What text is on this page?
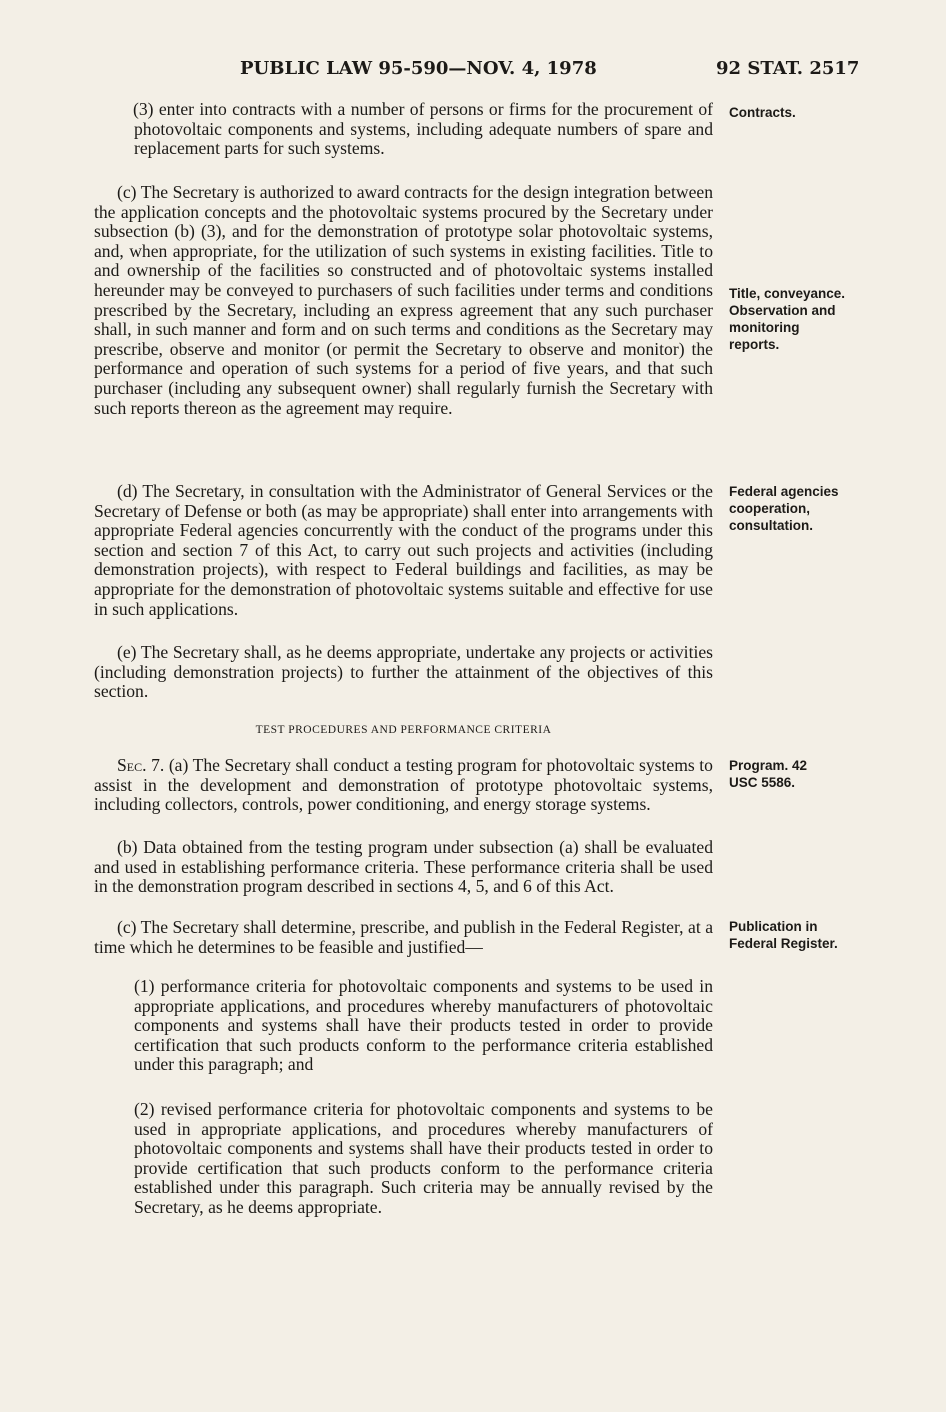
PUBLIC LAW 95-590—NOV. 4, 1978	92 STAT. 2517

(3) enter into contracts with a number of persons or firms for the procurement of photovoltaic components and systems, including adequate numbers of spare and replacement parts for such systems.

(c) The Secretary is authorized to award contracts for the design integration between the application concepts and the photovoltaic systems procured by the Secretary under subsection (b) (3), and for the demonstration of prototype solar photovoltaic systems, and, when appropriate, for the utilization of such systems in existing facilities. Title to and ownership of the facilities so constructed and of photovoltaic systems installed hereunder may be conveyed to purchasers of such facilities under terms and conditions prescribed by the Secretary, including an express agreement that any such purchaser shall, in such manner and form and on such terms and conditions as the Secretary may prescribe, observe and monitor (or permit the Secretary to observe and monitor) the performance and operation of such systems for a period of five years, and that such purchaser (including any subsequent owner) shall regularly furnish the Secretary with such reports thereon as the agreement may require.

(d) The Secretary, in consultation with the Administrator of General Services or the Secretary of Defense or both (as may be appropriate) shall enter into arrangements with appropriate Federal agencies concurrently with the conduct of the programs under this section and section 7 of this Act, to carry out such projects and activities (including demonstration projects), with respect to Federal buildings and facilities, as may be appropriate for the demonstration of photovoltaic systems suitable and effective for use in such applications.

(e) The Secretary shall, as he deems appropriate, undertake any projects or activities (including demonstration projects) to further the attainment of the objectives of this section.

TEST PROCEDURES AND PERFORMANCE CRITERIA

Sec. 7. (a) The Secretary shall conduct a testing program for photovoltaic systems to assist in the development and demonstration of prototype photovoltaic systems, including collectors, controls, power conditioning, and energy storage systems.

(b) Data obtained from the testing program under subsection (a) shall be evaluated and used in establishing performance criteria. These performance criteria shall be used in the demonstration program described in sections 4, 5, and 6 of this Act.

(c) The Secretary shall determine, prescribe, and publish in the Federal Register, at a time which he determines to be feasible and justified—

(1) performance criteria for photovoltaic components and systems to be used in appropriate applications, and procedures whereby manufacturers of photovoltaic components and systems shall have their products tested in order to provide certification that such products conform to the performance criteria established under this paragraph; and

(2) revised performance criteria for photovoltaic components and systems to be used in appropriate applications, and procedures whereby manufacturers of photovoltaic components and systems shall have their products tested in order to provide certification that such products conform to the performance criteria established under this paragraph. Such criteria may be annually revised by the Secretary, as he deems appropriate.

Contracts.

Title, conveyance. Observation and monitoring reports.

Federal agencies cooperation, consultation.

Program. 42 USC 5586.

Publication in Federal Register.
